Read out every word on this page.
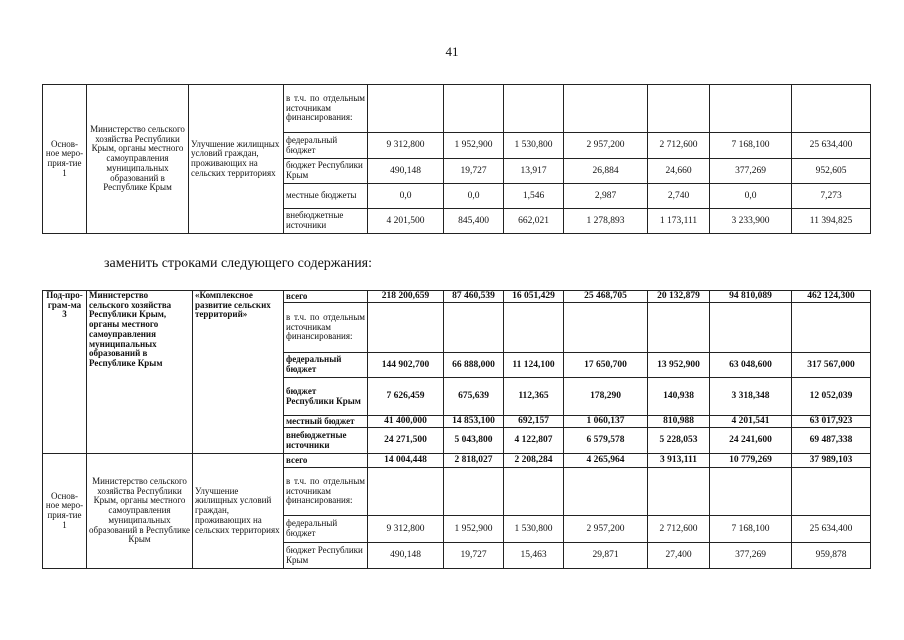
41
Основ-ное меро-прия-тие 1	Министерство сельского хозяйства Республики Крым, органы местного самоуправления муниципальных образований в Республике Крым	Улучшение жилищных условий граждан, проживающих на сельских территориях	в т.ч. по отдельным источникам финансирования:							
			федеральный бюджет	9 312,800	1 952,900	1 530,800	2 957,200	2 712,600	7 168,100	25 634,400
			бюджет Республики Крым	490,148	19,727	13,917	26,884	24,660	377,269	952,605
			местные бюджеты	0,0	0,0	1,546	2,987	2,740	0,0	7,273
			внебюджетные источники	4 201,500	845,400	662,021	1 278,893	1 173,111	3 233,900	11 394,825
заменить строками следующего содержания:
Под-про-грам-ма 3	Министерство сельского хозяйства Республики Крым, органы местного самоуправления муниципальных образований в Республике Крым	«Комплексное развитие сельских территорий»	всего	218 200,659	87 460,539	16 051,429	25 468,705	20 132,879	94 810,089	462 124,300
			в т.ч. по отдельным источникам финансирования:							
			федеральный бюджет	144 902,700	66 888,000	11 124,100	17 650,700	13 952,900	63 048,600	317 567,000
			бюджет Республики Крым	7 626,459	675,639	112,365	178,290	140,938	3 318,348	12 052,039
			местный бюджет	41 400,000	14 853,100	692,157	1 060,137	810,988	4 201,541	63 017,923
			внебюджетные источники	24 271,500	5 043,800	4 122,807	6 579,578	5 228,053	24 241,600	69 487,338
Основ-ное меро-прия-тие 1	Министерство сельского хозяйства Республики Крым, органы местного самоуправления муниципальных образований в Республике Крым	Улучшение жилищных условий граждан, проживающих на сельских территориях	всего	14 004,448	2 818,027	2 208,284	4 265,964	3 913,111	10 779,269	37 989,103
			в т.ч. по отдельным источникам финансирования:							
			федеральный бюджет	9 312,800	1 952,900	1 530,800	2 957,200	2 712,600	7 168,100	25 634,400
			бюджет Республики Крым	490,148	19,727	15,463	29,871	27,400	377,269	959,878
